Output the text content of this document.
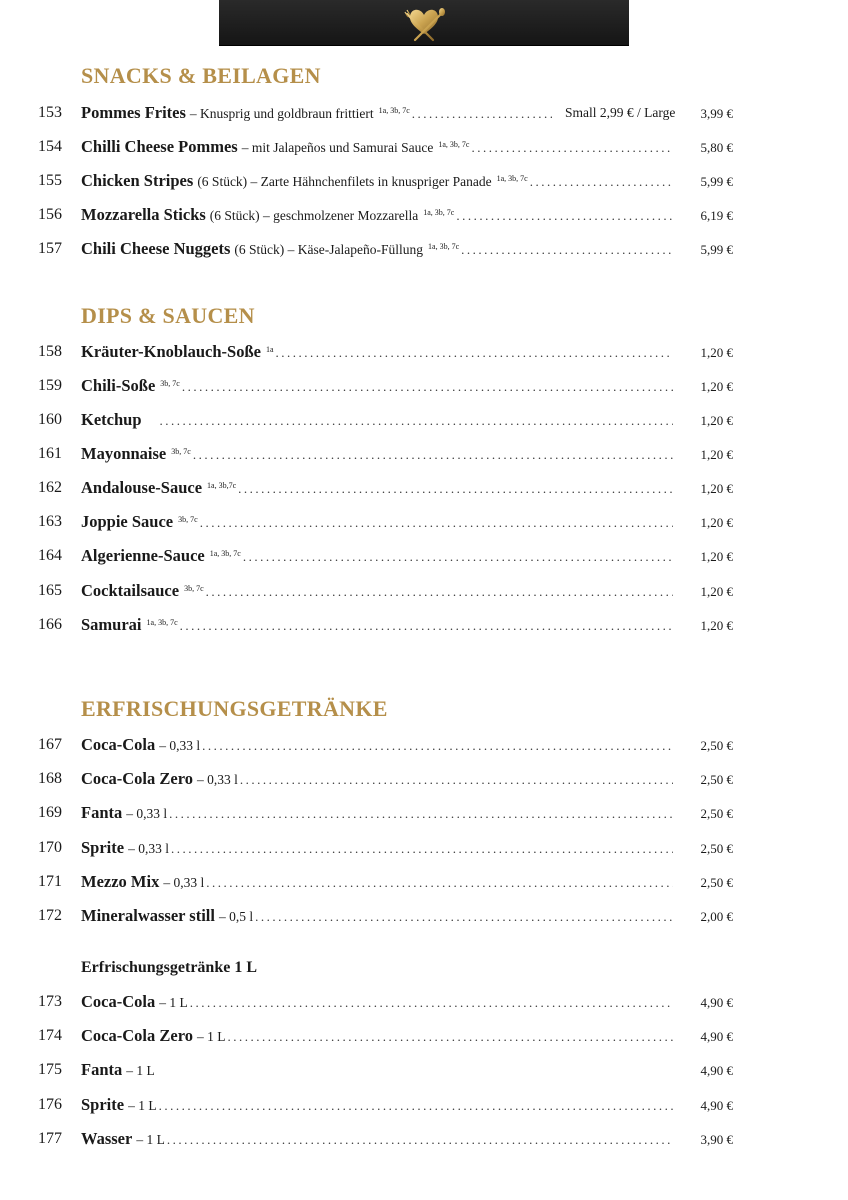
SNACKS & BEILAGEN
153 Pommes Frites – Knusprig und goldbraun frittiert 1a, 3b, 7c .....	Small 2,99 € / Large 3,99 €
154 Chilli Cheese Pommes – mit Jalapeños und Samurai Sauce 1a, 3b, 7c .....	5,80 €
155 Chicken Stripes (6 Stück) – Zarte Hähnchenfilets in knuspriger Panade 1a, 3b, 7c .....	5,99 €
156 Mozzarella Sticks (6 Stück) – geschmolzener Mozzarella 1a, 3b, 7c .....	6,19 €
157 Chili Cheese Nuggets (6 Stück) – Käse-Jalapeño-Füllung 1a, 3b, 7c .....	5,99 €
DIPS & SAUCEN
158 Kräuter-Knoblauch-Soße 1a .....	1,20 €
159 Chili-Soße 3b, 7c .....	1,20 €
160 Ketchup .....	1,20 €
161 Mayonnaise 3b, 7c .....	1,20 €
162 Andalouse-Sauce 1a, 3b,7c .....	1,20 €
163 Joppie Sauce 3b, 7c .....	1,20 €
164 Algerienne-Sauce 1a, 3b, 7c .....	1,20 €
165 Cocktailsauce 3b, 7c .....	1,20 €
166 Samurai 1a, 3b, 7c .....	1,20 €
ERFRISCHUNGSGETRÄNKE
167 Coca-Cola – 0,33 l .....	2,50 €
168 Coca-Cola Zero – 0,33 l .....	2,50 €
169 Fanta – 0,33 l .....	2,50 €
170 Sprite – 0,33 l .....	2,50 €
171 Mezzo Mix – 0,33 l .....	2,50 €
172 Mineralwasser still – 0,5 l .....	2,00 €
Erfrischungsgetränke 1 L
173 Coca-Cola – 1 L .....	4,90 €
174 Coca-Cola Zero – 1 L .....	4,90 €
175 Fanta – 1 L	4,90 €
176 Sprite – 1 L .....	4,90 €
177 Wasser – 1 L .....	3,90 €
